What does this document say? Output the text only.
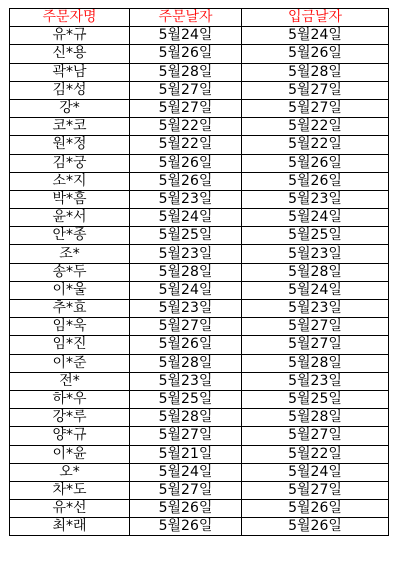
주문자명	주문날자	입금날자
유*규	5월24일	5월24일
신*용	5월26일	5월26일
곽*남	5월28일	5월28일
김*성	5월27일	5월27일
강*	5월27일	5월27일
코*코	5월22일	5월22일
원*정	5월22일	5월22일
김*궁	5월26일	5월26일
소*지	5월26일	5월26일
박*흠	5월23일	5월23일
윤*서	5월24일	5월24일
안*종	5월25일	5월25일
조*	5월23일	5월23일
송*두	5월28일	5월28일
이*울	5월24일	5월24일
추*효	5월23일	5월23일
임*욱	5월27일	5월27일
임*진	5월26일	5월27일
이*준	5월28일	5월28일
전*	5월23일	5월23일
하*우	5월25일	5월25일
강*루	5월28일	5월28일
양*규	5월27일	5월27일
이*윤	5월21일	5월22일
오*	5월24일	5월24일
차*도	5월27일	5월27일
유*선	5월26일	5월26일
최*래	5월26일	5월26일
